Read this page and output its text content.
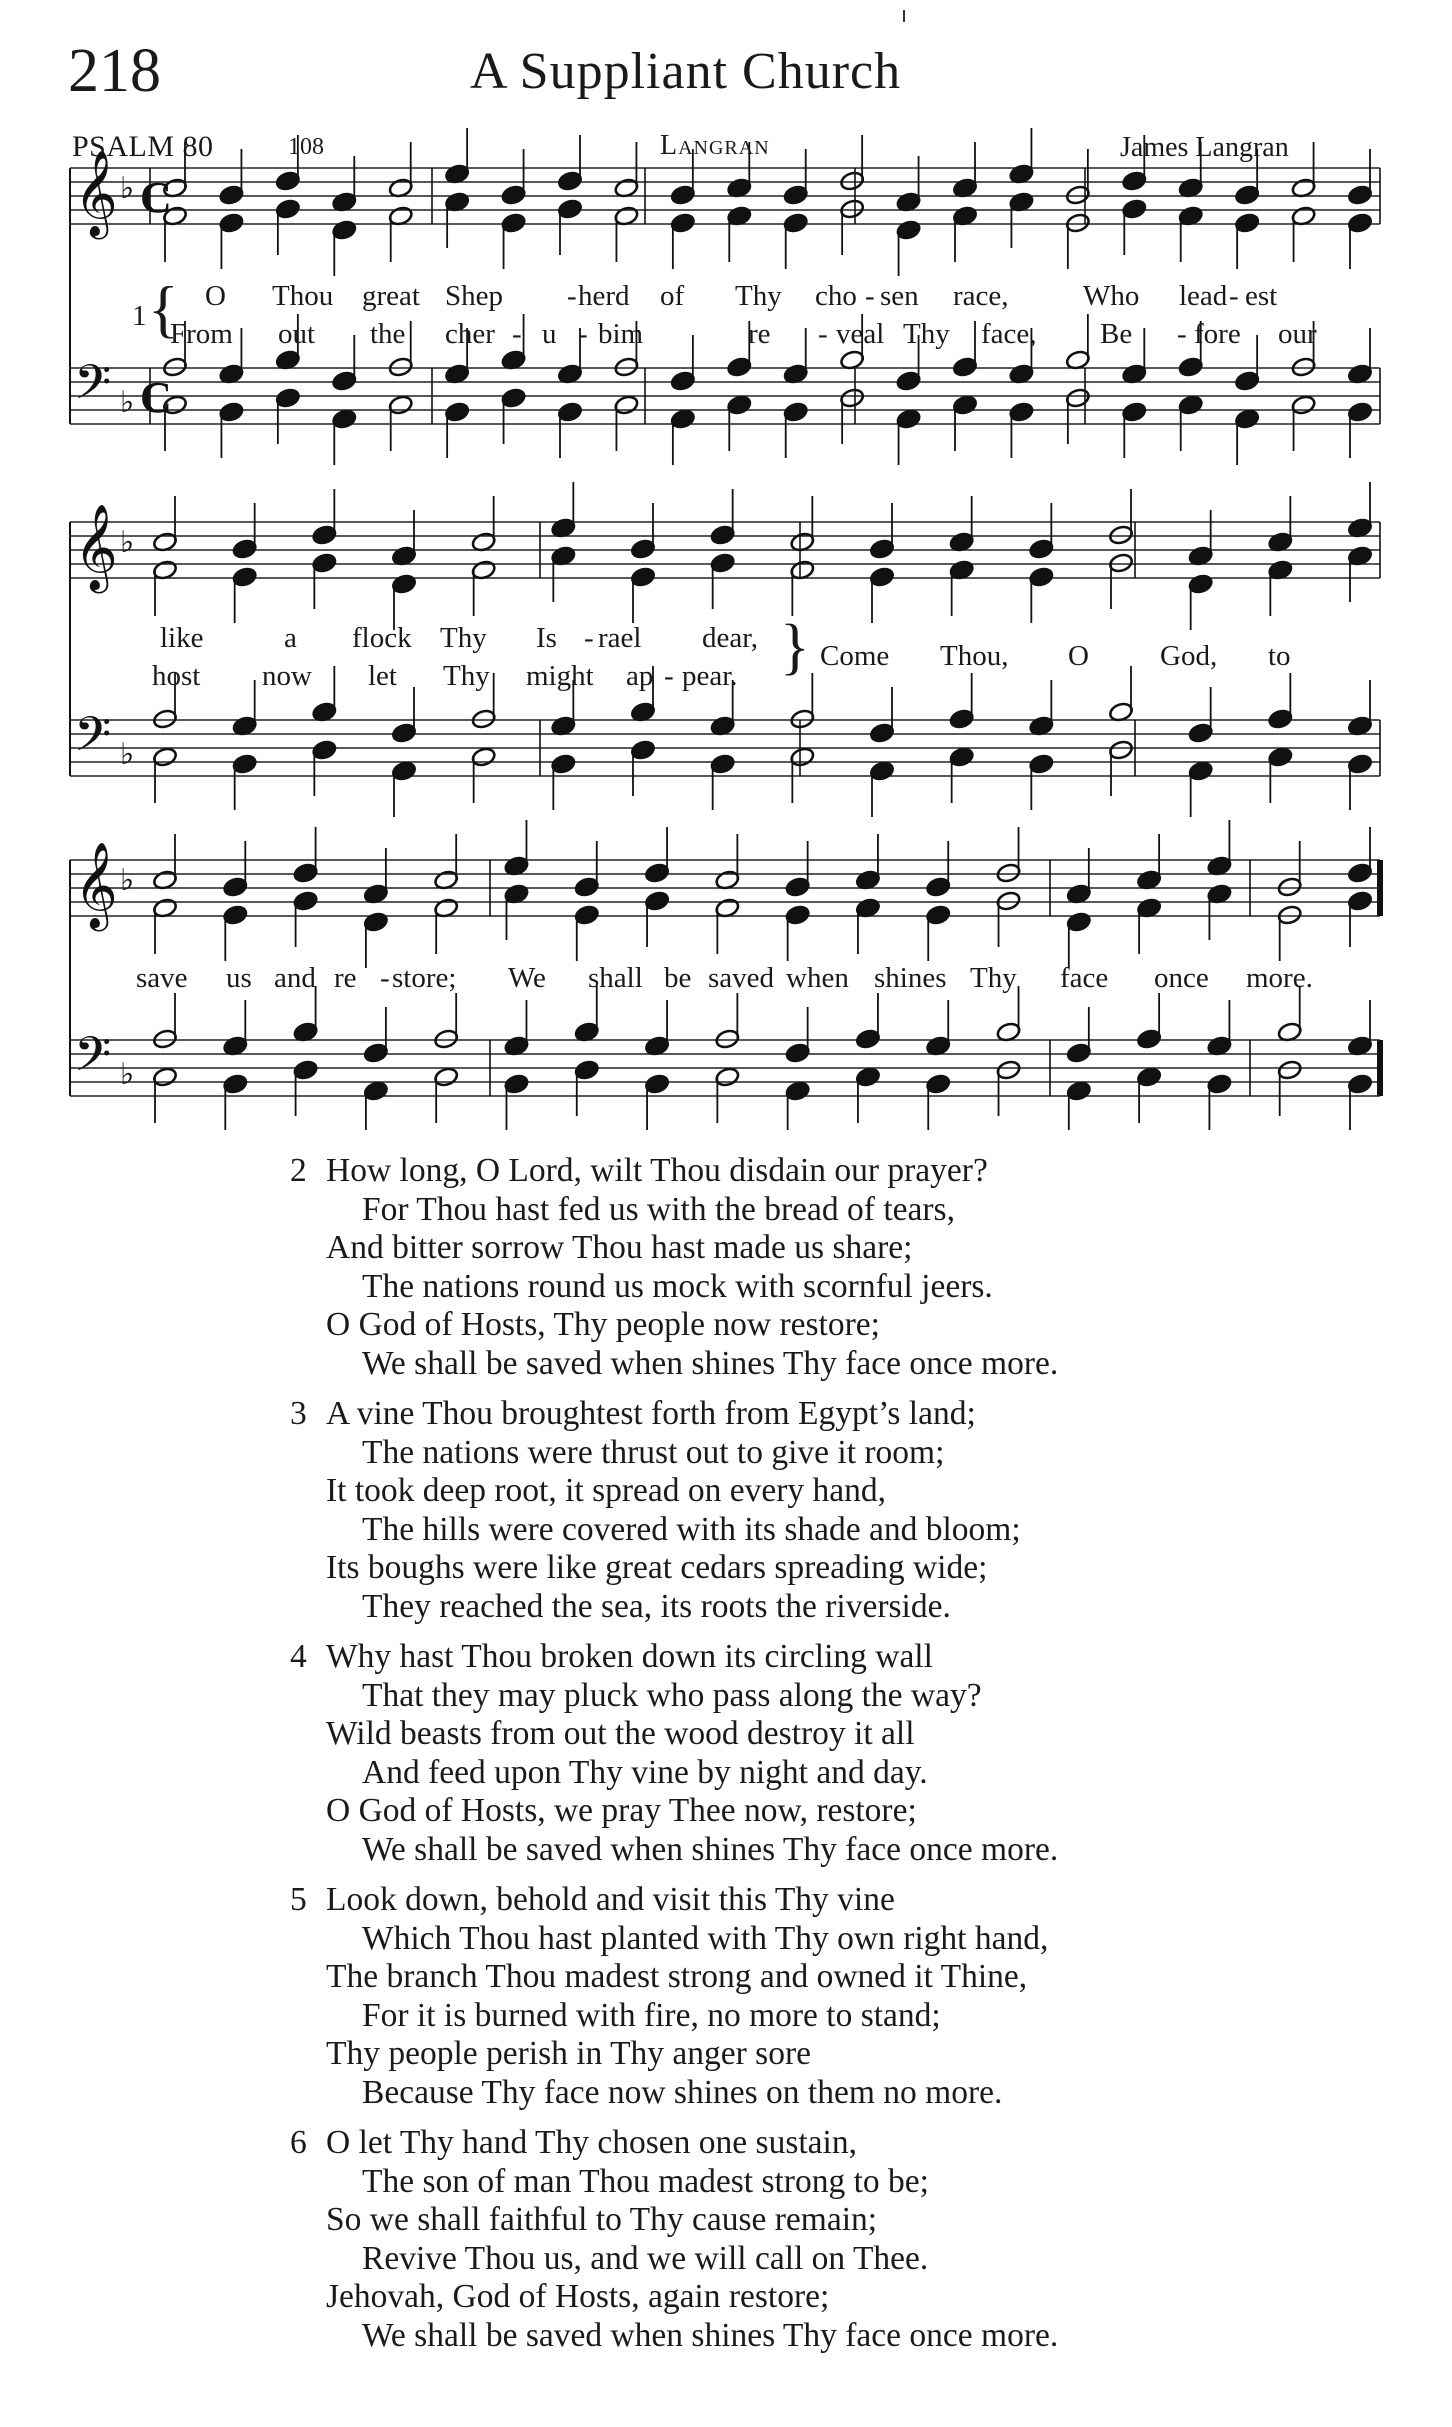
218	A Suppliant Church
PSALM 80	108	Langran	James Langran
𝄞
𝄢
♭
♭
C
C
𝄞
𝄢
♭
♭
𝄞
𝄢
♭
♭
1 { O Thou great Shep - herd of Thy cho - sen race,	Who lead - est
From out the cher - u - bim	re - veal Thy face, Be - fore our
like	a flock Thy Is - rael dear,
host now let Thy might ap - pear. } Come Thou, O God, to
save us and re - store; We shall be saved when shines Thy face once more.
2 How long, O Lord, wilt Thou disdain our prayer?
For Thou hast fed us with the bread of tears,
And bitter sorrow Thou hast made us share;
The nations round us mock with scornful jeers.
O God of Hosts, Thy people now restore;
We shall be saved when shines Thy face once more.
3 A vine Thou broughtest forth from Egypt’s land;
The nations were thrust out to give it room;
It took deep root, it spread on every hand,
The hills were covered with its shade and bloom;
Its boughs were like great cedars spreading wide;
They reached the sea, its roots the riverside.
4 Why hast Thou broken down its circling wall
That they may pluck who pass along the way?
Wild beasts from out the wood destroy it all
And feed upon Thy vine by night and day.
O God of Hosts, we pray Thee now, restore;
We shall be saved when shines Thy face once more.
5 Look down, behold and visit this Thy vine
Which Thou hast planted with Thy own right hand,
The branch Thou madest strong and owned it Thine,
For it is burned with fire, no more to stand;
Thy people perish in Thy anger sore
Because Thy face now shines on them no more.
6 O let Thy hand Thy chosen one sustain,
The son of man Thou madest strong to be;
So we shall faithful to Thy cause remain;
Revive Thou us, and we will call on Thee.
Jehovah, God of Hosts, again restore;
We shall be saved when shines Thy face once more.
